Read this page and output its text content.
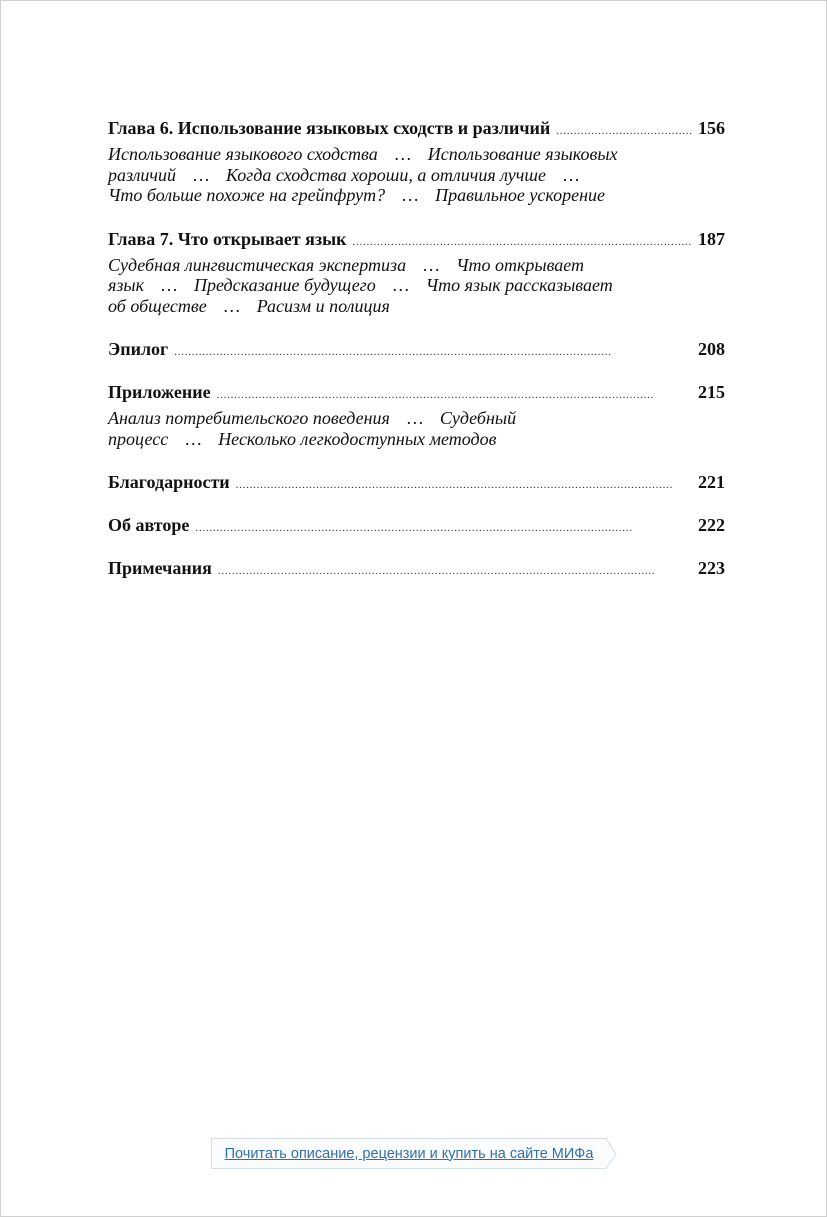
Глава 6. Использование языковых сходств и различий . . .	156
Использование языкового сходства … Использование языковых
различий … Когда сходства хороши, а отличия лучше …
Что больше похоже на грейпфрут? … Правильное ускорение
Глава 7. Что открывает язык . . .	187
Судебная лингвистическая экспертиза … Что открывает
язык … Предсказание будущего … Что язык рассказывает
об обществе … Расизм и полиция
Эпилог . . .	208
Приложение . . .	215
Анализ потребительского поведения … Судебный
процесс … Несколько легкодоступных методов
Благодарности . . .	221
Об авторе . . .	222
Примечания . . .	223
Почитать описание, рецензии и купить на сайте МИФа
